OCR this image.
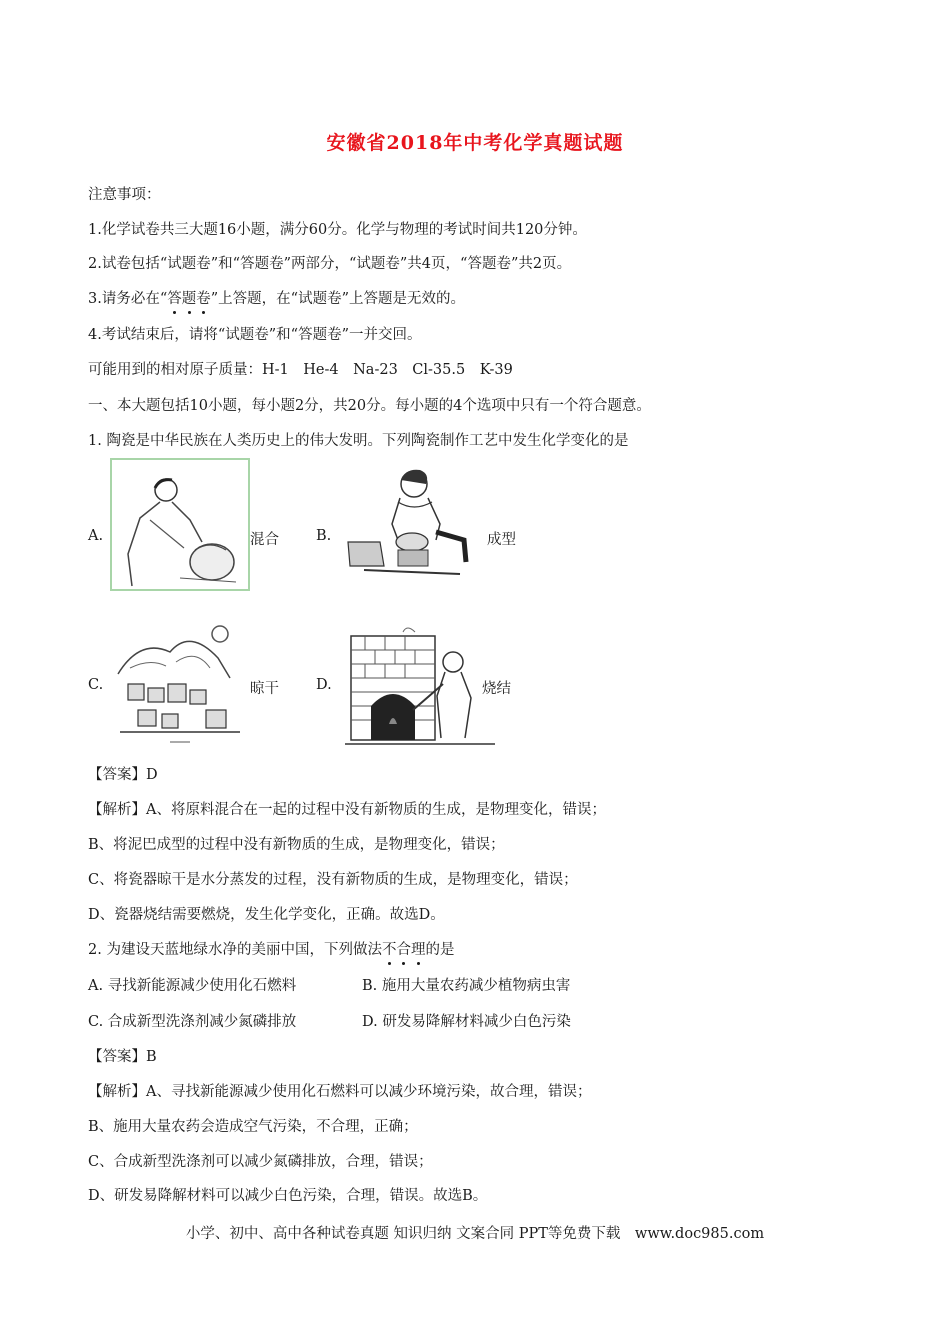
安徽省2018年中考化学真题试题
注意事项：
1.化学试卷共三大题16小题，满分60分。化学与物理的考试时间共120分钟。
2.试卷包括“试题卷”和“答题卷”两部分，“试题卷”共4页，“答题卷”共2页。
3.请务必在“答题卷”上答题，在“试题卷”上答题是无效的。
4.考试结束后，请将“试题卷”和“答题卷”一并交回。
可能用到的相对原子质量：H-1　He-4　Na-23　Cl-35.5　K-39
一、本大题包括10小题，每小题2分，共20分。每小题的4个选项中只有一个符合题意。
1. 陶瓷是中华民族在人类历史上的伟大发明。下列陶瓷制作工艺中发生化学变化的是
A.	混合	B.	成型
C.	晾干	D.	烧结
【答案】D
【解析】A、将原料混合在一起的过程中没有新物质的生成，是物理变化，错误；
B、将泥巴成型的过程中没有新物质的生成，是物理变化，错误；
C、将瓷器晾干是水分蒸发的过程，没有新物质的生成，是物理变化，错误；
D、瓷器烧结需要燃烧，发生化学变化，正确。故选D。
2. 为建设天蓝地绿水净的美丽中国，下列做法不合理的是
A. 寻找新能源减少使用化石燃料	B. 施用大量农药减少植物病虫害
C. 合成新型洗涤剂减少氮磷排放	D. 研发易降解材料减少白色污染
【答案】B
【解析】A、寻找新能源减少使用化石燃料可以减少环境污染，故合理，错误；
B、施用大量农药会造成空气污染，不合理，正确；
C、合成新型洗涤剂可以减少氮磷排放，合理，错误；
D、研发易降解材料可以减少白色污染，合理，错误。故选B。
小学、初中、高中各种试卷真题 知识归纳 文案合同 PPT等免费下载　www.doc985.com
